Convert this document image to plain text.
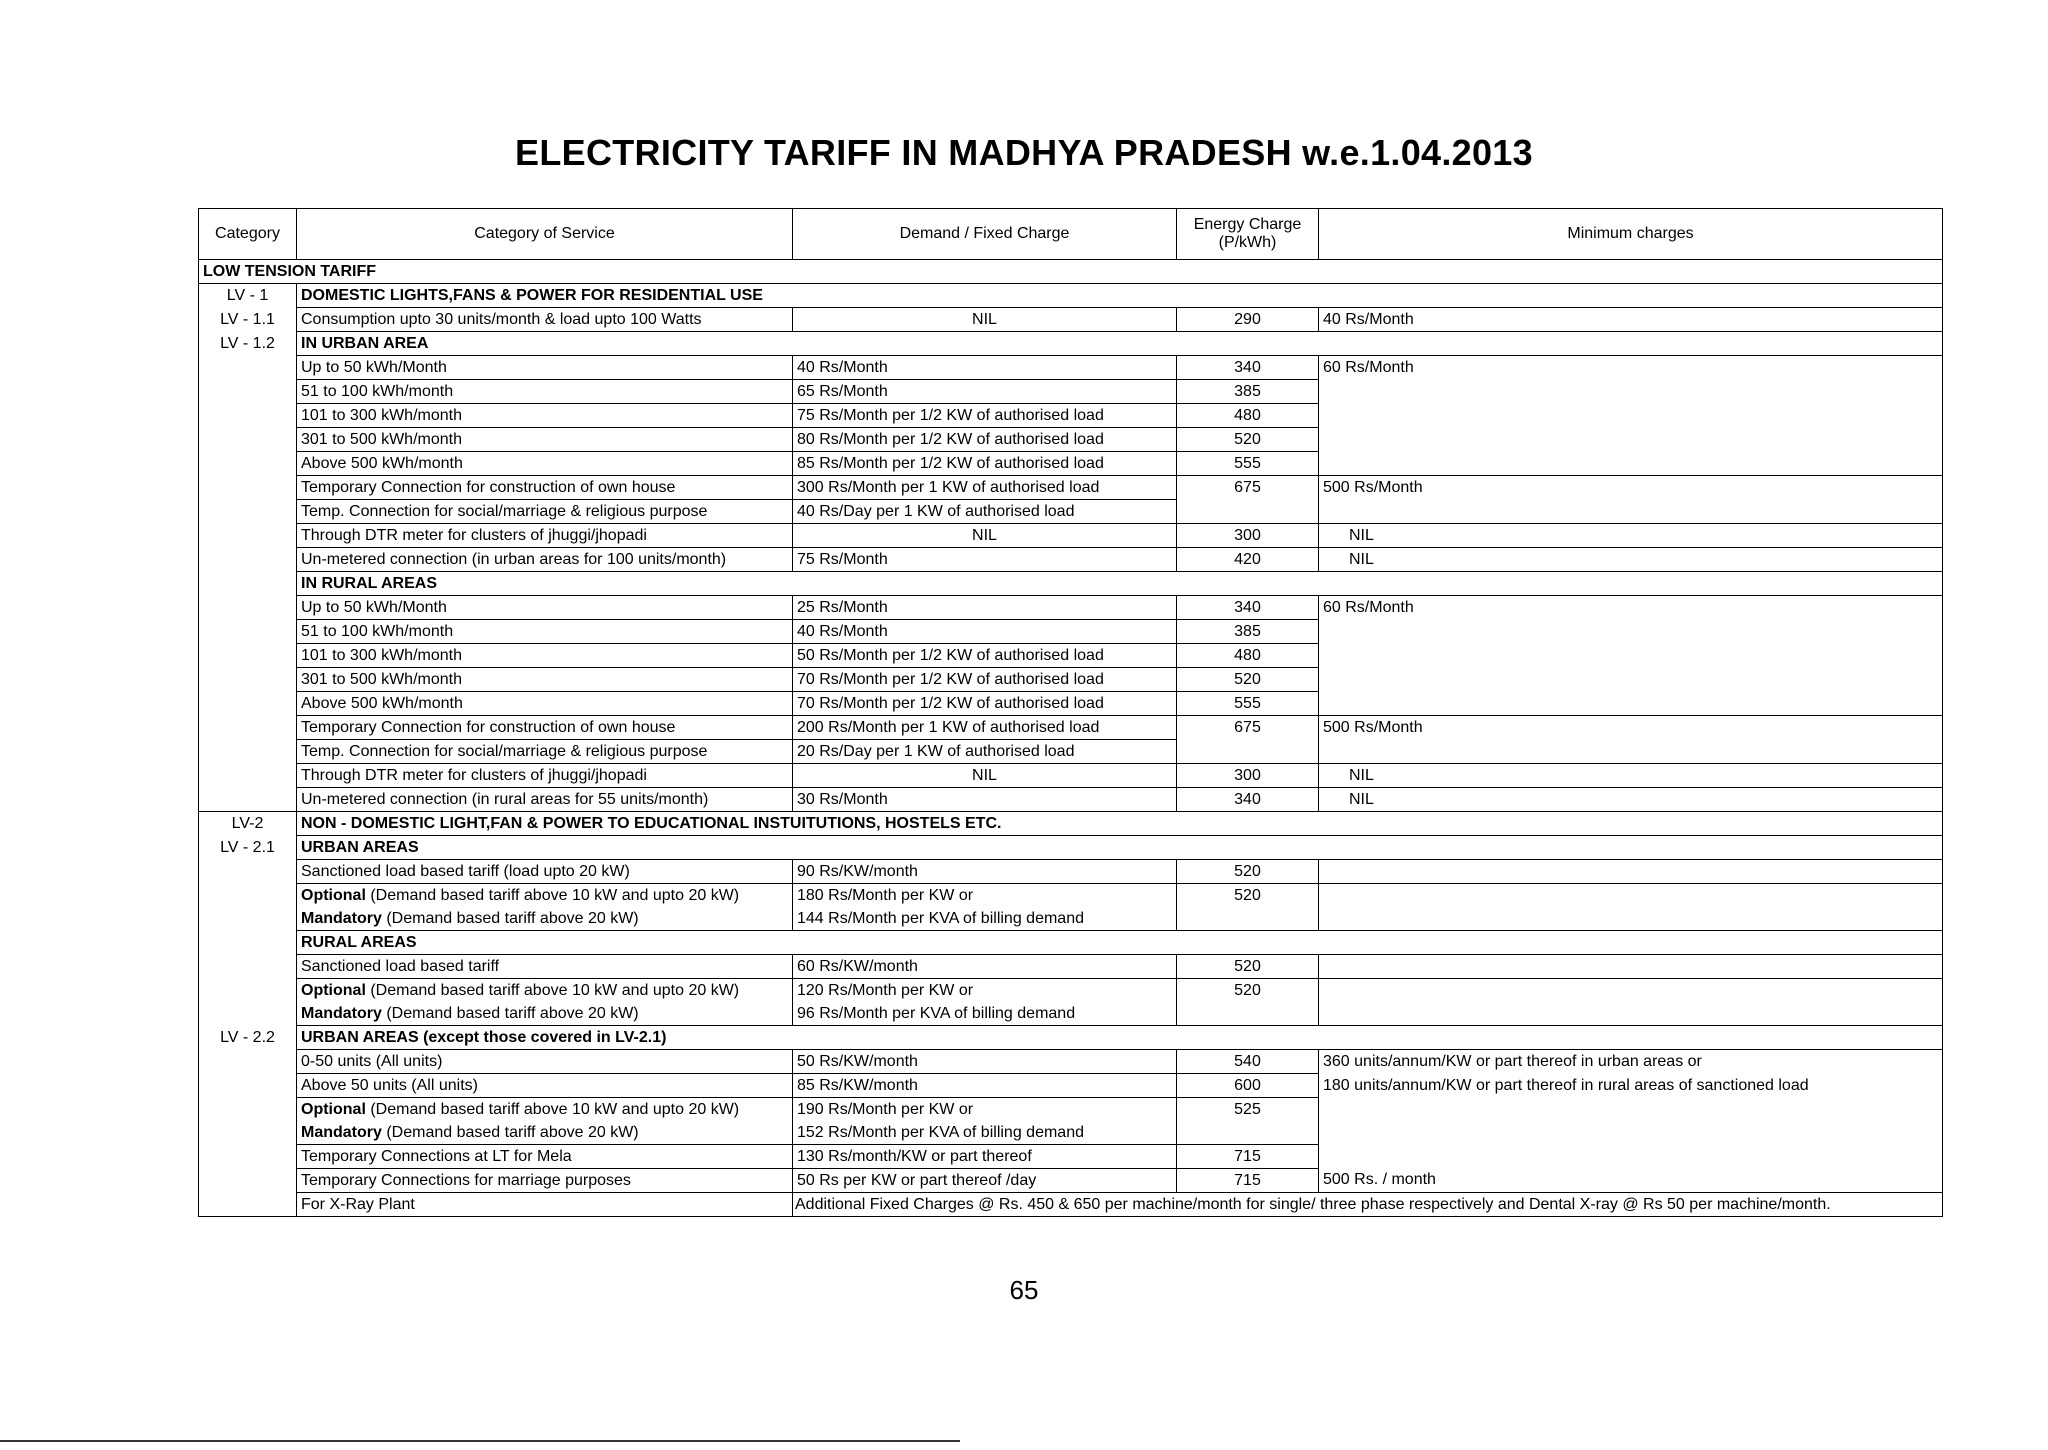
ELECTRICITY TARIFF IN MADHYA PRADESH w.e.1.04.2013
Category	Category of Service	Demand / Fixed Charge	Energy Charge (P/kWh)	Minimum charges
LOW TENSION TARIFF				
LV - 1	DOMESTIC LIGHTS,FANS & POWER FOR RESIDENTIAL USE			
LV - 1.1	Consumption upto 30 units/month & load upto 100 Watts	NIL	290	40 Rs/Month
LV - 1.2	IN URBAN AREA			
	Up to 50 kWh/Month	40 Rs/Month	340	60 Rs/Month
	51 to 100 kWh/month	65 Rs/Month	385	
	101 to 300 kWh/month	75 Rs/Month per 1/2 KW of authorised load	480	
	301 to 500 kWh/month	80 Rs/Month per 1/2 KW of authorised load	520	
	Above 500 kWh/month	85 Rs/Month per 1/2 KW of authorised load	555	
	Temporary Connection for construction of own house	300 Rs/Month per 1 KW of authorised load	675	500 Rs/Month
	Temp. Connection for social/marriage & religious purpose	40 Rs/Day per 1 KW of authorised load		
	Through DTR meter for clusters of jhuggi/jhopadi	NIL	300	NIL
	Un-metered connection (in urban areas for 100 units/month)	75 Rs/Month	420	NIL
	IN RURAL AREAS			
	Up to 50 kWh/Month	25 Rs/Month	340	60 Rs/Month
	51 to 100 kWh/month	40 Rs/Month	385	
	101 to 300 kWh/month	50 Rs/Month per 1/2 KW of authorised load	480	
	301 to 500 kWh/month	70 Rs/Month per 1/2 KW of authorised load	520	
	Above 500 kWh/month	70 Rs/Month per 1/2 KW of authorised load	555	
	Temporary Connection for construction of own house	200 Rs/Month per 1 KW of authorised load	675	500 Rs/Month
	Temp. Connection for social/marriage & religious purpose	20 Rs/Day per 1 KW of authorised load		
	Through DTR meter for clusters of jhuggi/jhopadi	NIL	300	NIL
	Un-metered connection (in rural areas for 55 units/month)	30 Rs/Month	340	NIL
LV-2	NON - DOMESTIC LIGHT,FAN & POWER TO EDUCATIONAL INSTUITUTIONS, HOSTELS ETC.			
LV - 2.1	URBAN AREAS			
	Sanctioned load based tariff (load upto 20 kW)	90 Rs/KW/month	520	
	Optional (Demand based tariff above 10 kW and upto 20 kW)	180 Rs/Month per KW or	520	
	Mandatory (Demand based tariff above 20 kW)	144 Rs/Month per KVA of billing demand		
	RURAL AREAS			
	Sanctioned load based tariff	60 Rs/KW/month	520	
	Optional (Demand based tariff above 10 kW and upto 20 kW)	120 Rs/Month per KW or	520	
	Mandatory (Demand based tariff above 20 kW)	96 Rs/Month per KVA of billing demand		
LV - 2.2	URBAN AREAS (except those covered in LV-2.1)			
	0-50 units (All units)	50 Rs/KW/month	540	360 units/annum/KW or part thereof in urban areas or
	Above 50 units (All units)	85 Rs/KW/month	600	180 units/annum/KW or part thereof in rural areas of sanctioned load
	Optional (Demand based tariff above 10 kW and upto 20 kW)	190 Rs/Month per KW or	525	
	Mandatory (Demand based tariff above 20 kW)	152 Rs/Month per KVA of billing demand		
	Temporary Connections at LT for Mela	130 Rs/month/KW or part thereof	715	
	Temporary Connections for marriage purposes	50 Rs per KW or part thereof /day	715	500 Rs. / month
	For X-Ray Plant	Additional Fixed Charges @ Rs. 450 & 650 per machine/month for single/ three phase respectively and Dental X-ray @ Rs 50 per machine/month.		
65
